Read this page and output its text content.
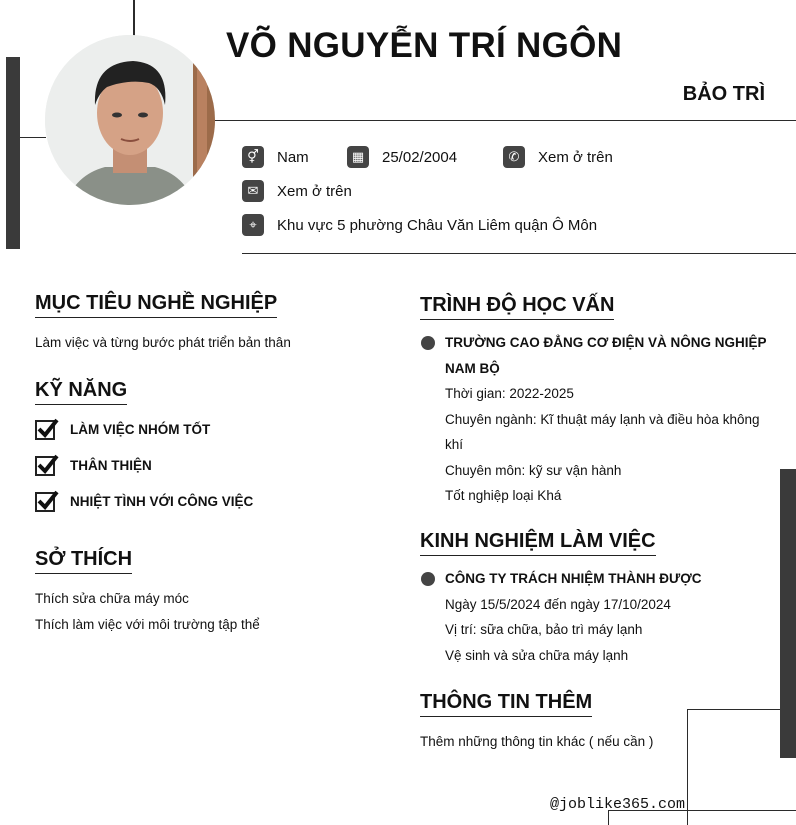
VÕ NGUYỄN TRÍ NGÔN
BẢO TRÌ
⚥	Nam	▦	25/02/2004	✆	Xem ở trên
✉	Xem ở trên
⌖	Khu vực 5 phường Châu Văn Liêm quận Ô Môn
MỤC TIÊU NGHỀ NGHIỆP
Làm việc và từng bước phát triển bản thân
KỸ NĂNG
LÀM VIỆC NHÓM TỐT
THÂN THIỆN
NHIỆT TÌNH VỚI CÔNG VIỆC
SỞ THÍCH
Thích sửa chữa máy móc
Thích làm việc với môi trường tập thể
TRÌNH ĐỘ HỌC VẤN
TRƯỜNG CAO ĐẲNG CƠ ĐIỆN VÀ NÔNG NGHIỆP
NAM BỘ
Thời gian: 2022-2025
Chuyên ngành: Kĩ thuật máy lạnh và điều hòa không
khí
Chuyên môn: kỹ sư vận hành
Tốt nghiệp loại Khá
KINH NGHIỆM LÀM VIỆC
CÔNG TY TRÁCH NHIỆM THÀNH ĐƯỢC
Ngày 15/5/2024 đến ngày 17/10/2024
Vị trí: sữa chữa, bảo trì máy lạnh
Vệ sinh và sửa chữa máy lạnh
THÔNG TIN THÊM
Thêm những thông tin khác ( nếu cần )
@joblike365.com
